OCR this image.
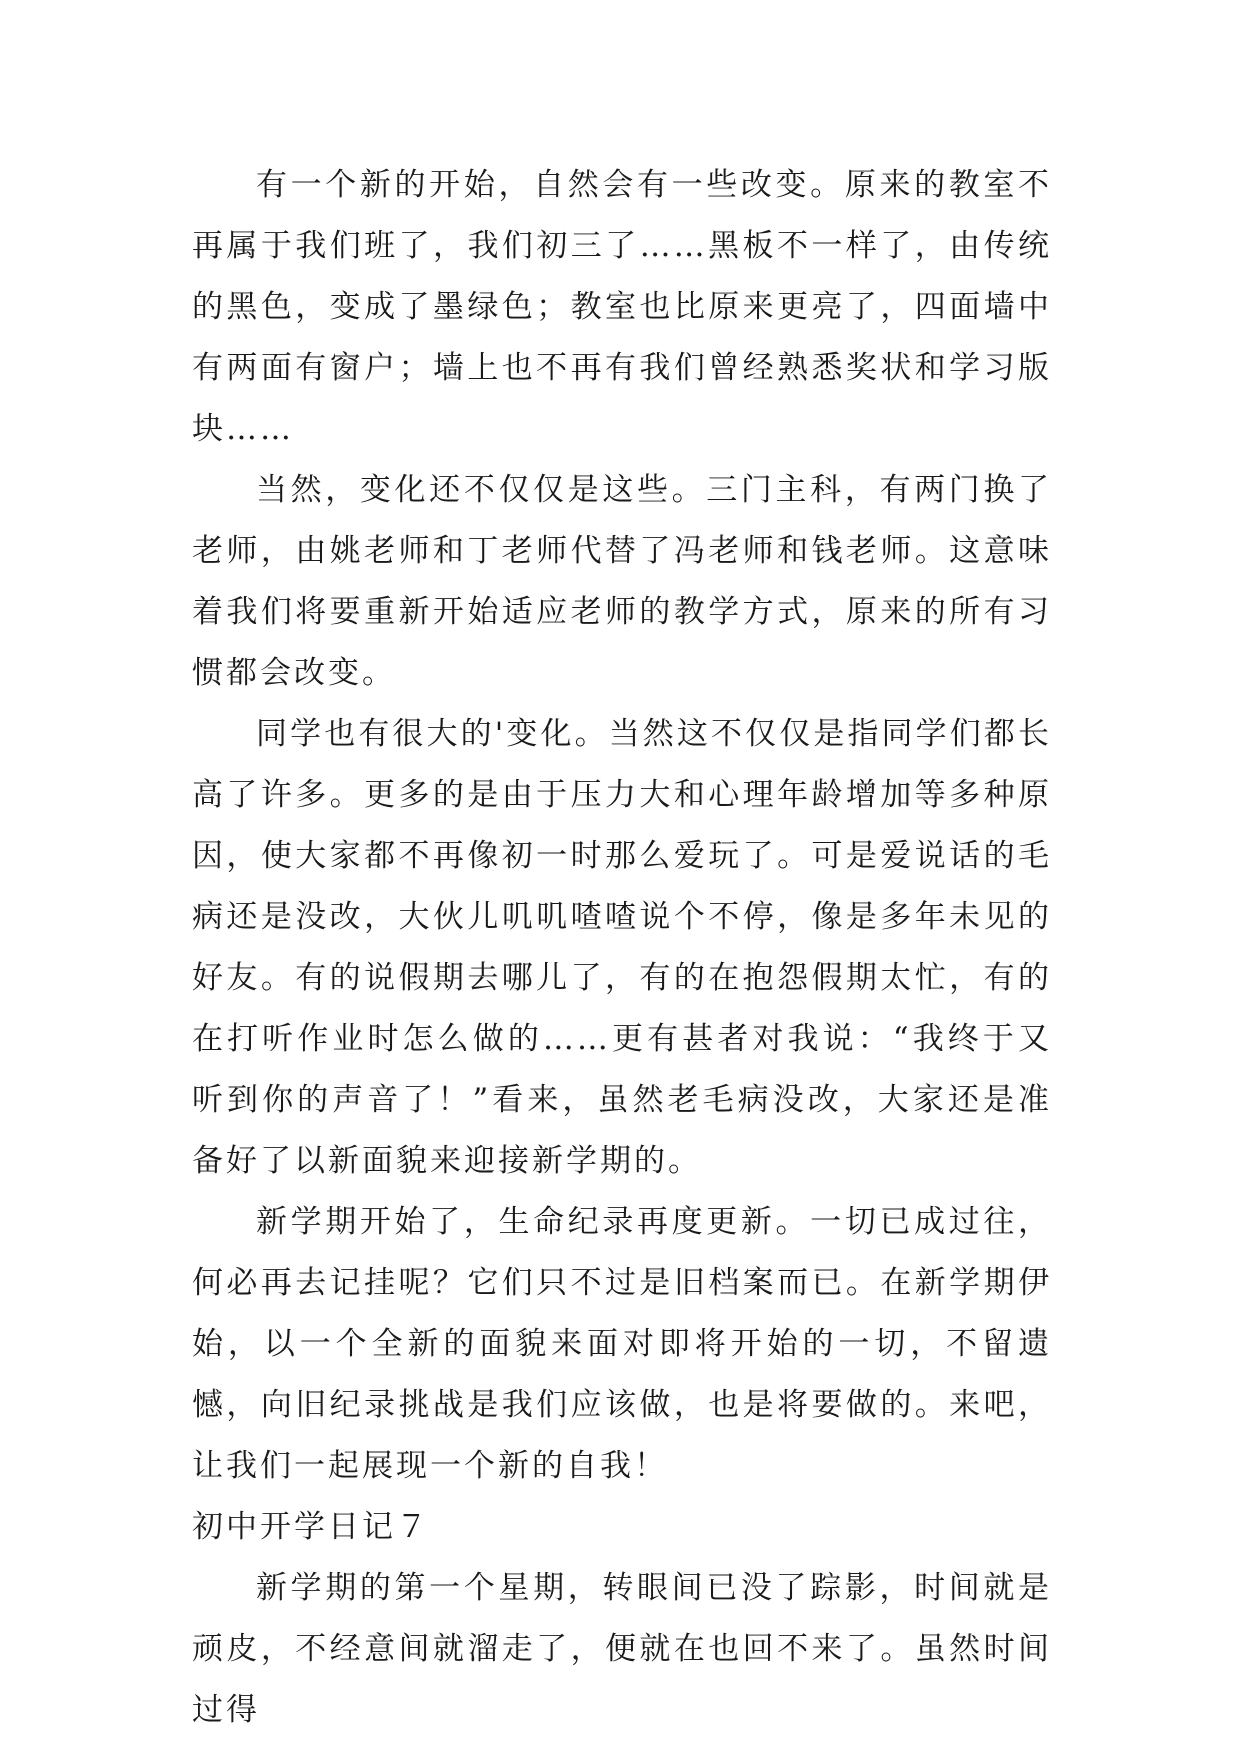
有一个新的开始，自然会有一些改变。原来的教室不再属于我们班了，我们初三了……黑板不一样了，由传统的黑色，变成了墨绿色；教室也比原来更亮了，四面墙中有两面有窗户；墙上也不再有我们曾经熟悉奖状和学习版块……

当然，变化还不仅仅是这些。三门主科，有两门换了老师，由姚老师和丁老师代替了冯老师和钱老师。这意味着我们将要重新开始适应老师的教学方式，原来的所有习惯都会改变。

同学也有很大的'变化。当然这不仅仅是指同学们都长高了许多。更多的是由于压力大和心理年龄增加等多种原因，使大家都不再像初一时那么爱玩了。可是爱说话的毛病还是没改，大伙儿叽叽喳喳说个不停，像是多年未见的好友。有的说假期去哪儿了，有的在抱怨假期太忙，有的在打听作业时怎么做的……更有甚者对我说：“我终于又听到你的声音了！”看来，虽然老毛病没改，大家还是准备好了以新面貌来迎接新学期的。

新学期开始了，生命纪录再度更新。一切已成过往，何必再去记挂呢？它们只不过是旧档案而已。在新学期伊始，以一个全新的面貌来面对即将开始的一切，不留遗憾，向旧纪录挑战是我们应该做，也是将要做的。来吧，让我们一起展现一个新的自我！

初中开学日记７

新学期的第一个星期，转眼间已没了踪影，时间就是顽皮，不经意间就溜走了，便就在也回不来了。虽然时间过得
